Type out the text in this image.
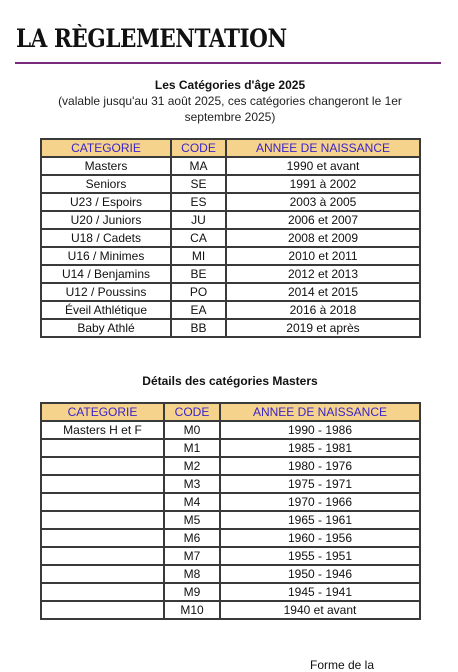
LA RÈGLEMENTATION
Les Catégories d'âge 2025
(valable jusqu'au 31 août 2025, ces catégories changeront le 1er septembre 2025)
CATEGORIE	CODE	ANNEE DE NAISSANCE
Masters	MA	1990 et avant
Seniors	SE	1991 à 2002
U23 / Espoirs	ES	2003 à 2005
U20 / Juniors	JU	2006 et 2007
U18 / Cadets	CA	2008 et 2009
U16 / Minimes	MI	2010 et 2011
U14 / Benjamins	BE	2012 et 2013
U12 / Poussins	PO	2014 et 2015
Éveil Athlétique	EA	2016 à 2018
Baby Athlé	BB	2019 et après
Détails des catégories Masters
CATEGORIE	CODE	ANNEE DE NAISSANCE
Masters H et F	M0	1990 - 1986
	M1	1985 - 1981
	M2	1980 - 1976
	M3	1975 - 1971
	M4	1970 - 1966
	M5	1965 - 1961
	M6	1960 - 1956
	M7	1955 - 1951
	M8	1950 - 1946
	M9	1945 - 1941
	M10	1940 et avant
Forme de la
